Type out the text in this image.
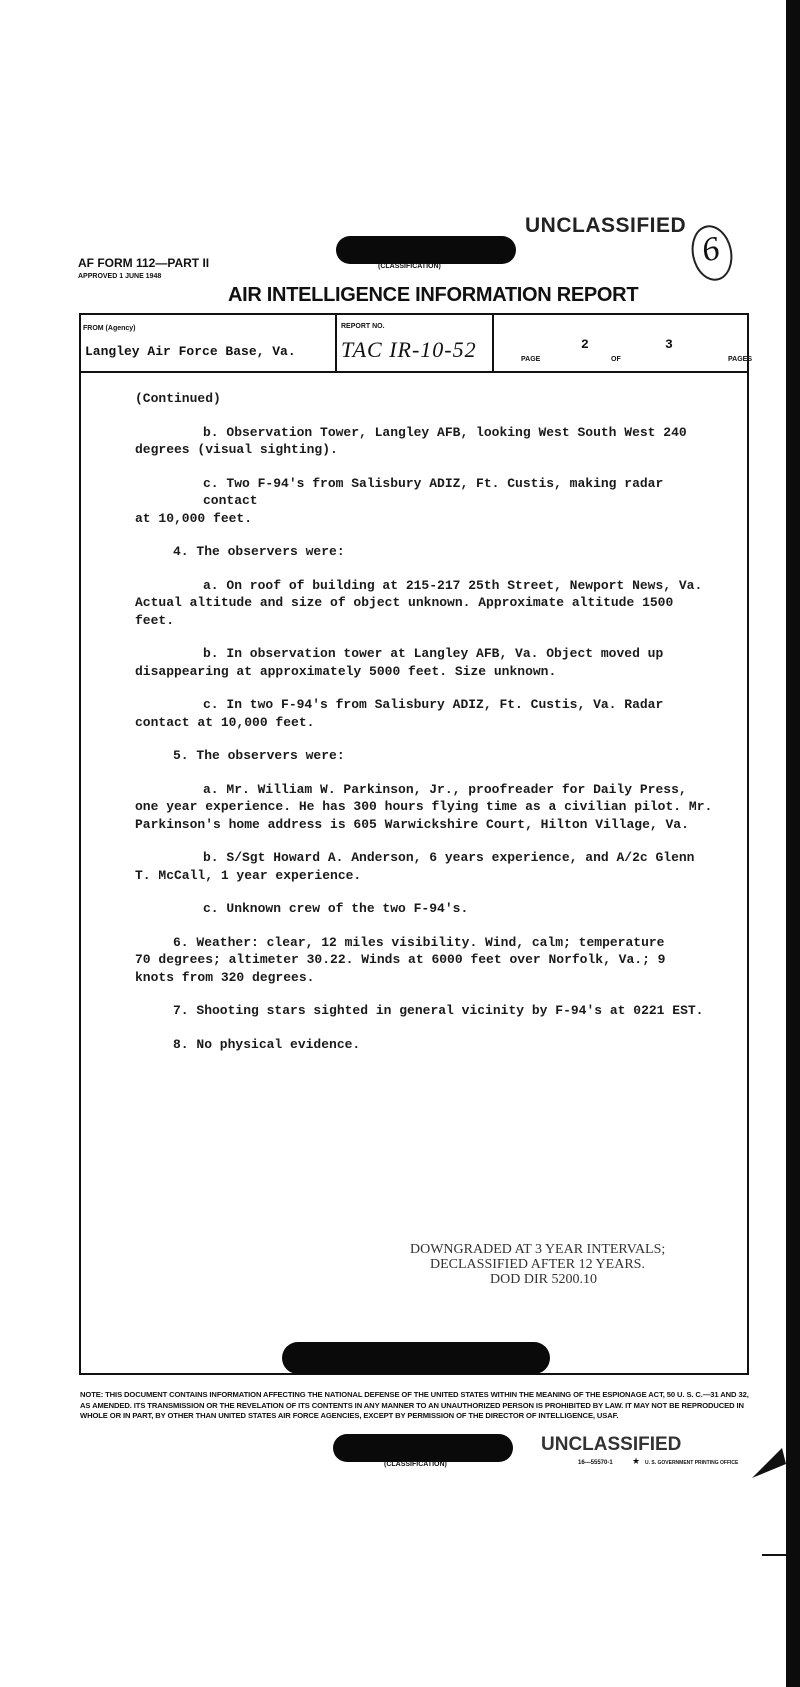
UNCLASSIFIED
6
AF FORM 112—PART II
APPROVED 1 JUNE 1948
(CLASSIFICATION)
AIR INTELLIGENCE INFORMATION REPORT
FROM (Agency)
Langley Air Force Base, Va.
REPORT NO.
TAC IR-10-52	PAGE
2
OF
3
PAGES

(Continued)

b. Observation Tower, Langley AFB, looking West South West 240
degrees (visual sighting).

c. Two F-94's from Salisbury ADIZ, Ft. Custis, making radar contact
at 10,000 feet.

4. The observers were:

a. On roof of building at 215-217 25th Street, Newport News, Va.
Actual altitude and size of object unknown. Approximate altitude 1500
feet.

b. In observation tower at Langley AFB, Va. Object moved up
disappearing at approximately 5000 feet. Size unknown.

c. In two F-94's from Salisbury ADIZ, Ft. Custis, Va. Radar
contact at 10,000 feet.

5. The observers were:

a. Mr. William W. Parkinson, Jr., proofreader for Daily Press,
one year experience. He has 300 hours flying time as a civilian pilot. Mr.
Parkinson's home address is 605 Warwickshire Court, Hilton Village, Va.

b. S/Sgt Howard A. Anderson, 6 years experience, and A/2c Glenn
T. McCall, 1 year experience.

c. Unknown crew of the two F-94's.

6. Weather: clear, 12 miles visibility. Wind, calm; temperature
70 degrees; altimeter 30.22. Winds at 6000 feet over Norfolk, Va.; 9
knots from 320 degrees.

7. Shooting stars sighted in general vicinity by F-94's at 0221 EST.

8. No physical evidence.

DOWNGRADED AT 3 YEAR INTERVALS;
DECLASSIFIED AFTER 12 YEARS.
DOD DIR 5200.10
NOTE: THIS DOCUMENT CONTAINS INFORMATION AFFECTING THE NATIONAL DEFENSE OF THE UNITED STATES WITHIN THE MEANING OF THE ESPIONAGE ACT, 50 U. S. C.—31 AND 32, AS AMENDED. ITS TRANSMISSION OR THE REVELATION OF ITS CONTENTS IN ANY MANNER TO AN UNAUTHORIZED PERSON IS PROHIBITED BY LAW. IT MAY NOT BE REPRODUCED IN WHOLE OR IN PART, BY OTHER THAN UNITED STATES AIR FORCE AGENCIES, EXCEPT BY PERMISSION OF THE DIRECTOR OF INTELLIGENCE, USAF.
(CLASSIFICATION)
UNCLASSIFIED
16—55570-1 ★ U. S. GOVERNMENT PRINTING OFFICE
